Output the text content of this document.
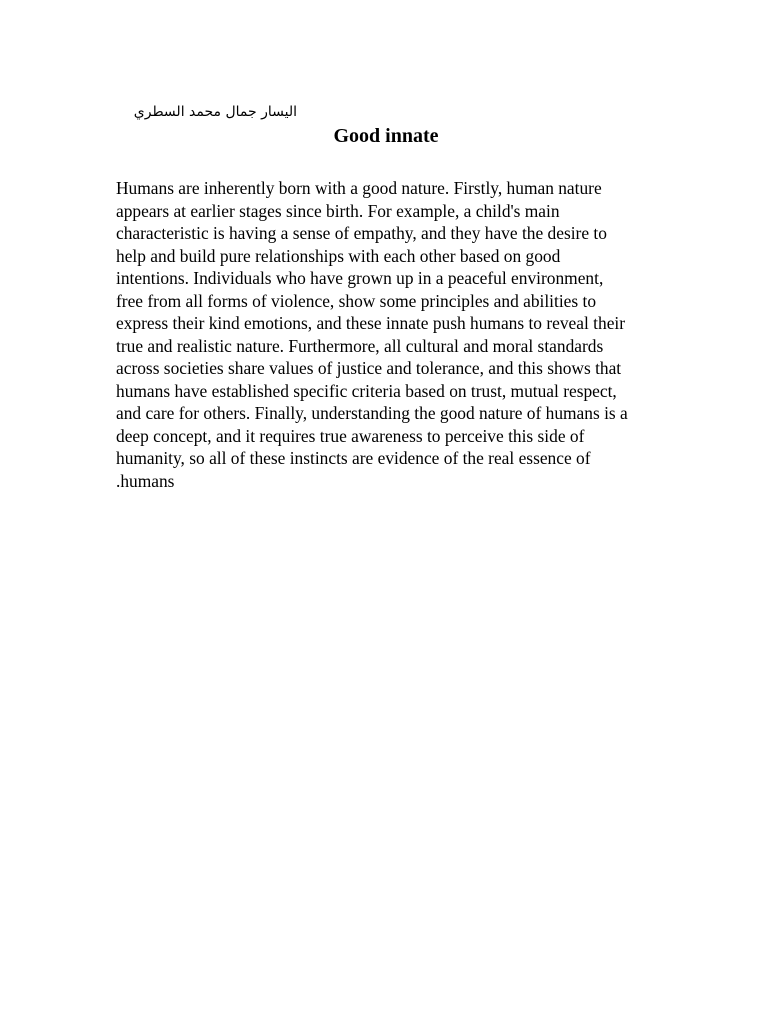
اليسار جمال محمد السطري
Good innate

Humans are inherently born with a good nature. Firstly, human nature
appears at earlier stages since birth. For example, a child's main
characteristic is having a sense of empathy, and they have the desire to
help and build pure relationships with each other based on good
intentions. Individuals who have grown up in a peaceful environment,
free from all forms of violence, show some principles and abilities to
express their kind emotions, and these innate push humans to reveal their
true and realistic nature. Furthermore, all cultural and moral standards
across societies share values of justice and tolerance, and this shows that
humans have established specific criteria based on trust, mutual respect,
and care for others. Finally, understanding the good nature of humans is a
deep concept, and it requires true awareness to perceive this side of
humanity, so all of these instincts are evidence of the real essence of
.humans
